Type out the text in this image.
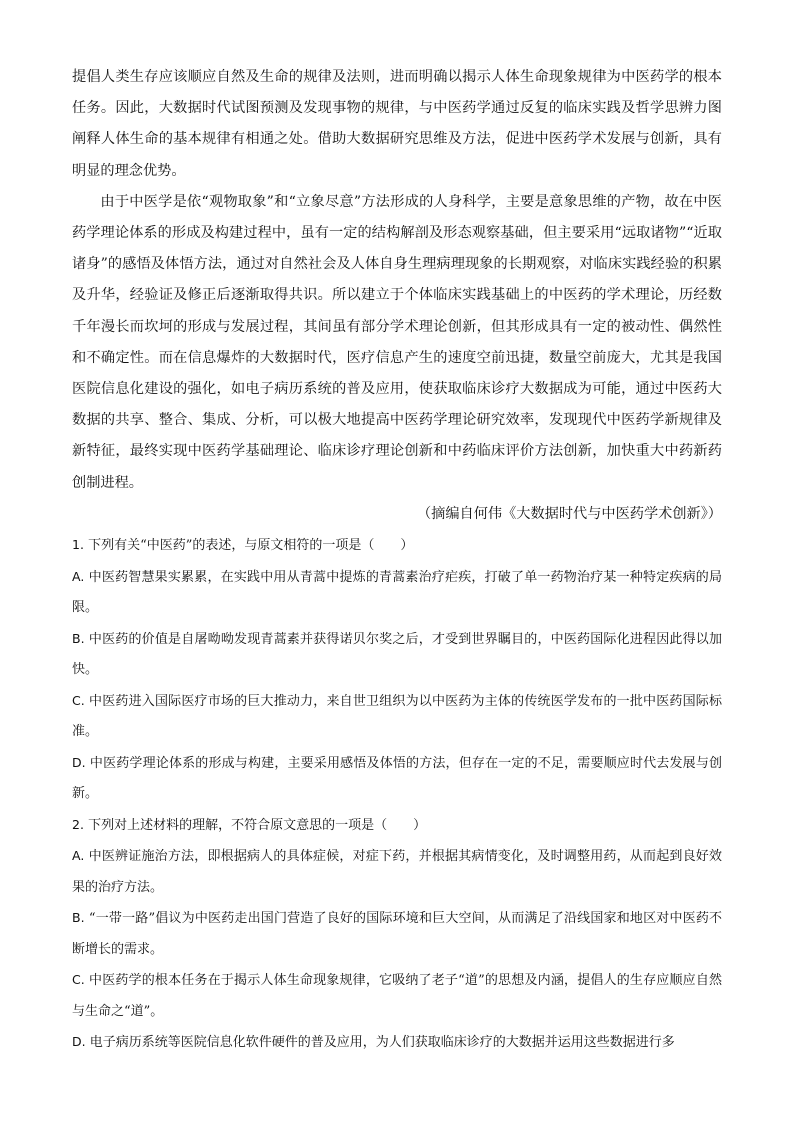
提倡人类生存应该顺应自然及生命的规律及法则，进而明确以揭示人体生命现象规律为中医药学的根本任务。因此，大数据时代试图预测及发现事物的规律，与中医药学通过反复的临床实践及哲学思辨力图阐释人体生命的基本规律有相通之处。借助大数据研究思维及方法，促进中医药学术发展与创新，具有明显的理念优势。

由于中医学是依“观物取象”和“立象尽意”方法形成的人身科学，主要是意象思维的产物，故在中医药学理论体系的形成及构建过程中，虽有一定的结构解剖及形态观察基础，但主要采用“远取诸物”“近取诸身”的感悟及体悟方法，通过对自然社会及人体自身生理病理现象的长期观察，对临床实践经验的积累及升华，经验证及修正后逐渐取得共识。所以建立于个体临床实践基础上的中医药的学术理论，历经数千年漫长而坎坷的形成与发展过程，其间虽有部分学术理论创新，但其形成具有一定的被动性、偶然性和不确定性。而在信息爆炸的大数据时代，医疗信息产生的速度空前迅捷，数量空前庞大，尤其是我国医院信息化建设的强化，如电子病历系统的普及应用，使获取临床诊疗大数据成为可能，通过中医药大数据的共享、整合、集成、分析，可以极大地提高中医药学理论研究效率，发现现代中医药学新规律及新特征，最终实现中医药学基础理论、临床诊疗理论创新和中药临床评价方法创新，加快重大中药新药创制进程。

（摘编自何伟《大数据时代与中医药学术创新》）

1. 下列有关“中医药”的表述，与原文相符的一项是（　　）

A. 中医药智慧果实累累，在实践中用从青蒿中提炼的青蒿素治疗疟疾，打破了单一药物治疗某一种特定疾病的局限。

B. 中医药的价值是自屠呦呦发现青蒿素并获得诺贝尔奖之后，才受到世界瞩目的，中医药国际化进程因此得以加快。

C. 中医药进入国际医疗市场的巨大推动力，来自世卫组织为以中医药为主体的传统医学发布的一批中医药国际标准。

D. 中医药学理论体系的形成与构建，主要采用感悟及体悟的方法，但存在一定的不足，需要顺应时代去发展与创新。

2. 下列对上述材料的理解，不符合原文意思的一项是（　　）

A. 中医辨证施治方法，即根据病人的具体症候，对症下药，并根据其病情变化，及时调整用药，从而起到良好效果的治疗方法。

B. “一带一路”倡议为中医药走出国门营造了良好的国际环境和巨大空间，从而满足了沿线国家和地区对中医药不断增长的需求。

C. 中医药学的根本任务在于揭示人体生命现象规律，它吸纳了老子“道”的思想及内涵，提倡人的生存应顺应自然与生命之“道”。

D. 电子病历系统等医院信息化软件硬件的普及应用，为人们获取临床诊疗的大数据并运用这些数据进行多
